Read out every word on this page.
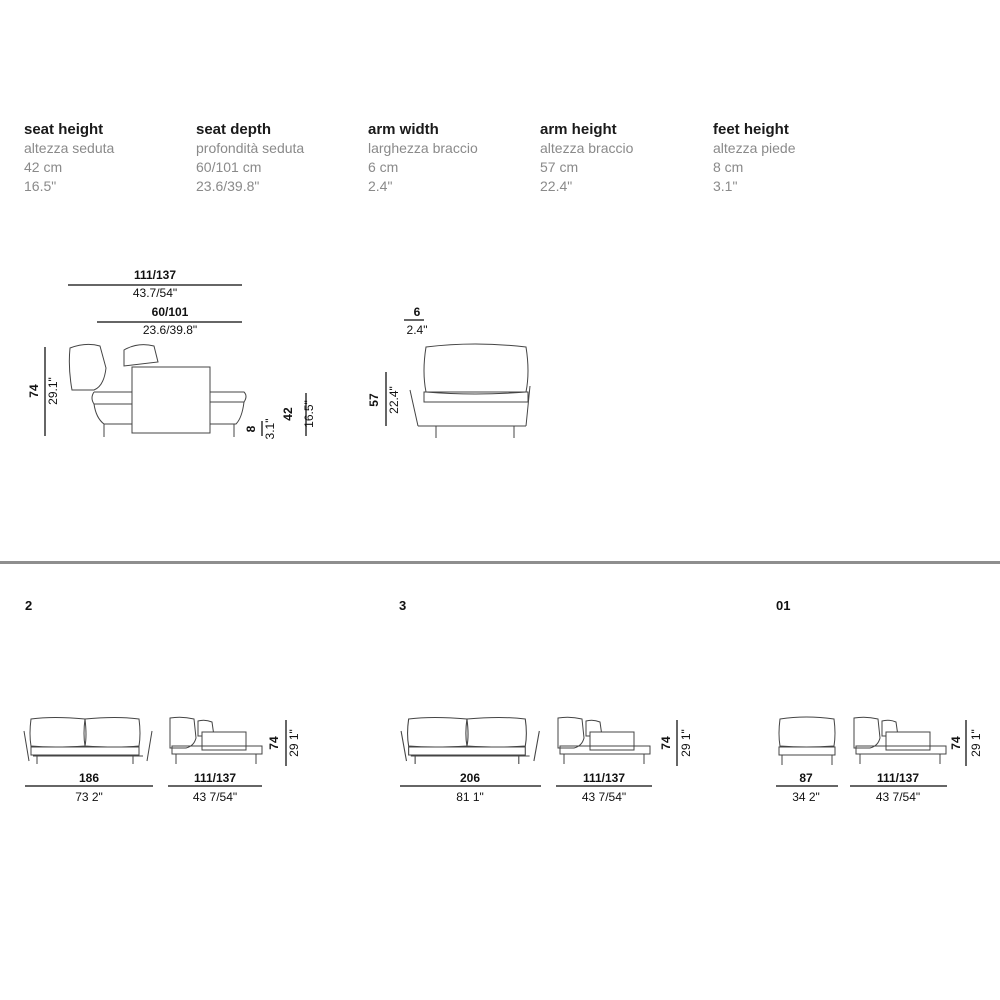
seat height
altezza seduta
42 cm
16.5"
seat depth
profondità seduta
60/101 cm
23.6/39.8"
arm width
larghezza braccio
6 cm
2.4"
arm height
altezza braccio
57 cm
22.4"
feet height
altezza piede
8 cm
3.1"
2	3	01
111/137
43.7/54"
60/101
23.6/39.8"
74 29.1"
8 3.1"
42 16.5"
6
2.4"
57 22.4"
186
73 2"
111/137
43 7/54"
74 29 1"
206
81 1"
111/137
43 7/54"
74 29 1"
87
34 2"
111/137
43 7/54"
74 29 1"
